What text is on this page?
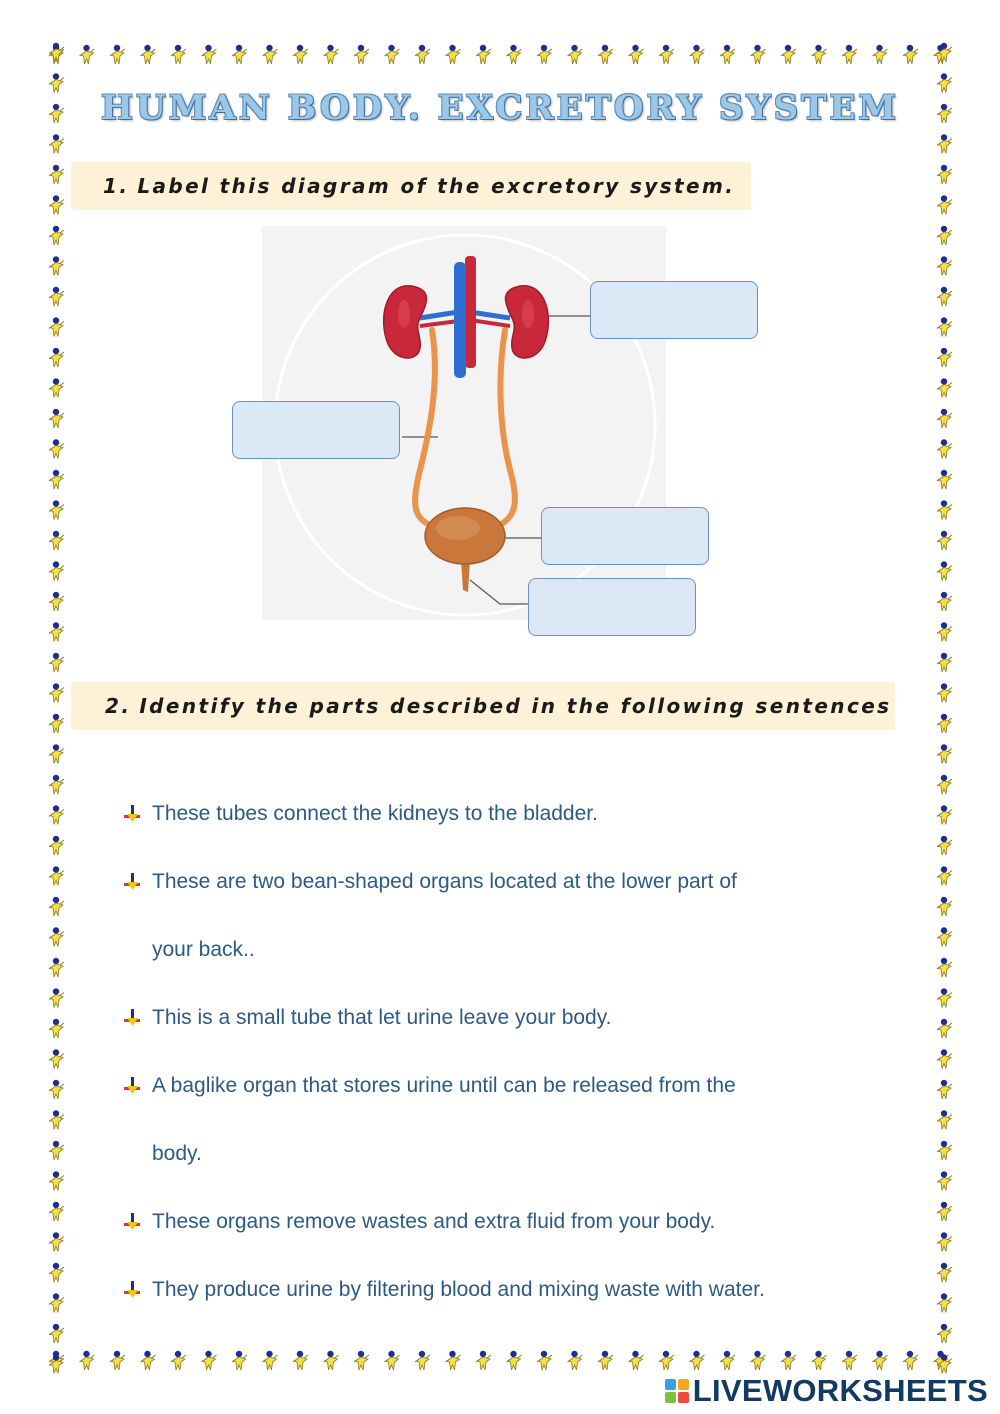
HUMAN BODY. EXCRETORY SYSTEM
1. Label this diagram of the excretory system.
2. Identify the parts described in the following sentences
These tubes connect the kidneys to the bladder.
These are two bean-shaped organs located at the lower part of
your back..
This is a small tube that let urine leave your body.
A baglike organ that stores urine until can be released from the
body.
These organs remove wastes and extra fluid from your body.
They produce urine by filtering blood and mixing waste with water.
LIVEWORKSHEETS
